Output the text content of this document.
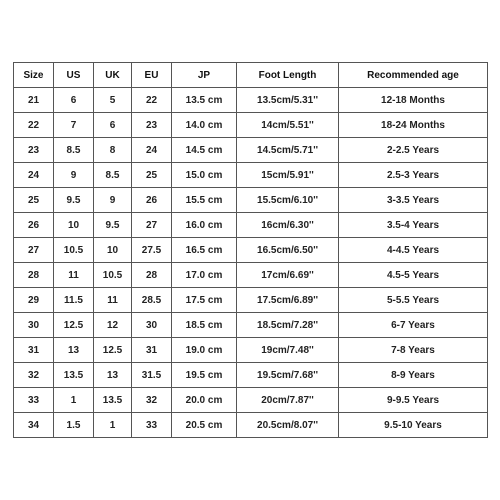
Size	US	UK	EU	JP	Foot Length	Recommended age
21	6	5	22	13.5 cm	13.5cm/5.31''	12-18 Months
22	7	6	23	14.0 cm	14cm/5.51''	18-24 Months
23	8.5	8	24	14.5 cm	14.5cm/5.71''	2-2.5 Years
24	9	8.5	25	15.0 cm	15cm/5.91''	2.5-3 Years
25	9.5	9	26	15.5 cm	15.5cm/6.10''	3-3.5 Years
26	10	9.5	27	16.0 cm	16cm/6.30''	3.5-4 Years
27	10.5	10	27.5	16.5 cm	16.5cm/6.50''	4-4.5 Years
28	11	10.5	28	17.0 cm	17cm/6.69''	4.5-5 Years
29	11.5	11	28.5	17.5 cm	17.5cm/6.89''	5-5.5 Years
30	12.5	12	30	18.5 cm	18.5cm/7.28''	6-7 Years
31	13	12.5	31	19.0 cm	19cm/7.48''	7-8 Years
32	13.5	13	31.5	19.5 cm	19.5cm/7.68''	8-9 Years
33	1	13.5	32	20.0 cm	20cm/7.87''	9-9.5 Years
34	1.5	1	33	20.5 cm	20.5cm/8.07''	9.5-10 Years
